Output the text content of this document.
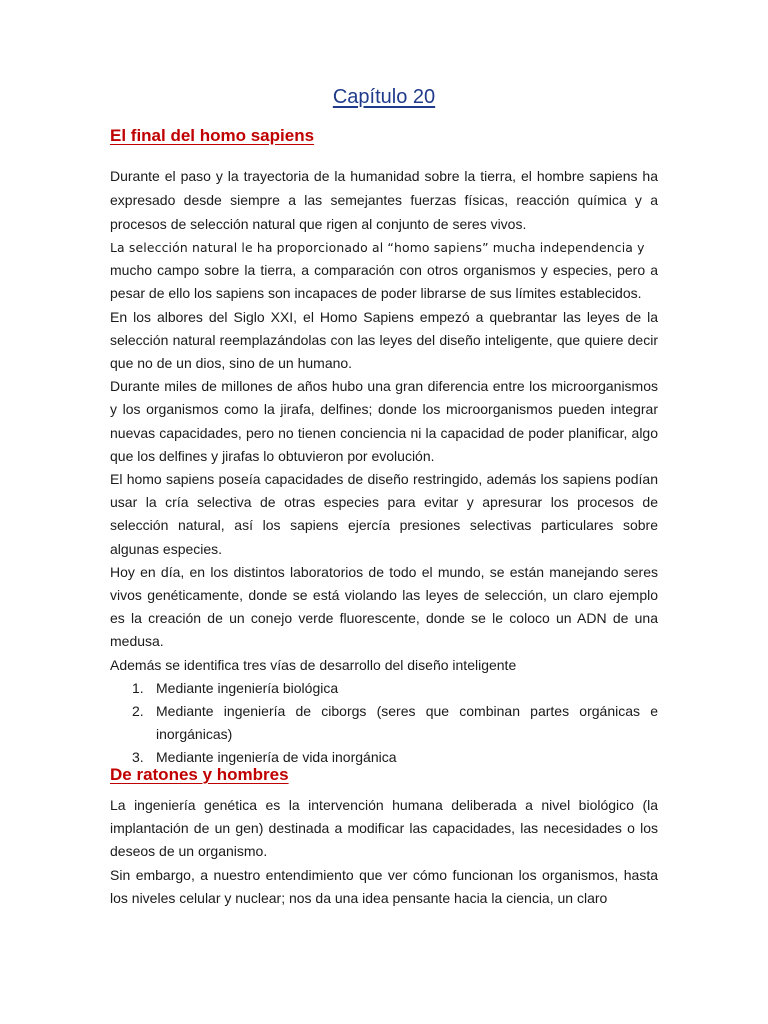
Capítulo 20
El final del homo sapiens

Durante el paso y la trayectoria de la humanidad sobre la tierra, el hombre sapiens ha expresado desde siempre a las semejantes fuerzas físicas, reacción química y a procesos de selección natural que rigen al conjunto de seres vivos.

La selección natural le ha proporcionado al “homo sapiens” mucha independencia y

mucho campo sobre la tierra, a comparación con otros organismos y especies, pero a pesar de ello los sapiens son incapaces de poder librarse de sus límites establecidos.

En los albores del Siglo XXI, el Homo Sapiens empezó a quebrantar las leyes de la selección natural reemplazándolas con las leyes del diseño inteligente, que quiere decir que no de un dios, sino de un humano.

Durante miles de millones de años hubo una gran diferencia entre los microorganismos y los organismos como la jirafa, delfines; donde los microorganismos pueden integrar nuevas capacidades, pero no tienen conciencia ni la capacidad de poder planificar, algo que los delfines y jirafas lo obtuvieron por evolución.

El homo sapiens poseía capacidades de diseño restringido, además los sapiens podían usar la cría selectiva de otras especies para evitar y apresurar los procesos de selección natural, así los sapiens ejercía presiones selectivas particulares sobre algunas especies.

Hoy en día, en los distintos laboratorios de todo el mundo, se están manejando seres vivos genéticamente, donde se está violando las leyes de selección, un claro ejemplo es la creación de un conejo verde fluorescente, donde se le coloco un ADN de una medusa.

Además se identifica tres vías de desarrollo del diseño inteligente

1. Mediante ingeniería biológica
2. Mediante ingeniería de ciborgs (seres que combinan partes orgánicas e inorgánicas)
3. Mediante ingeniería de vida inorgánica
De ratones y hombres

La ingeniería genética es la intervención humana deliberada a nivel biológico (la implantación de un gen) destinada a modificar las capacidades, las necesidades o los deseos de un organismo.

Sin embargo, a nuestro entendimiento que ver cómo funcionan los organismos, hasta los niveles celular y nuclear; nos da una idea pensante hacia la ciencia, un claro
